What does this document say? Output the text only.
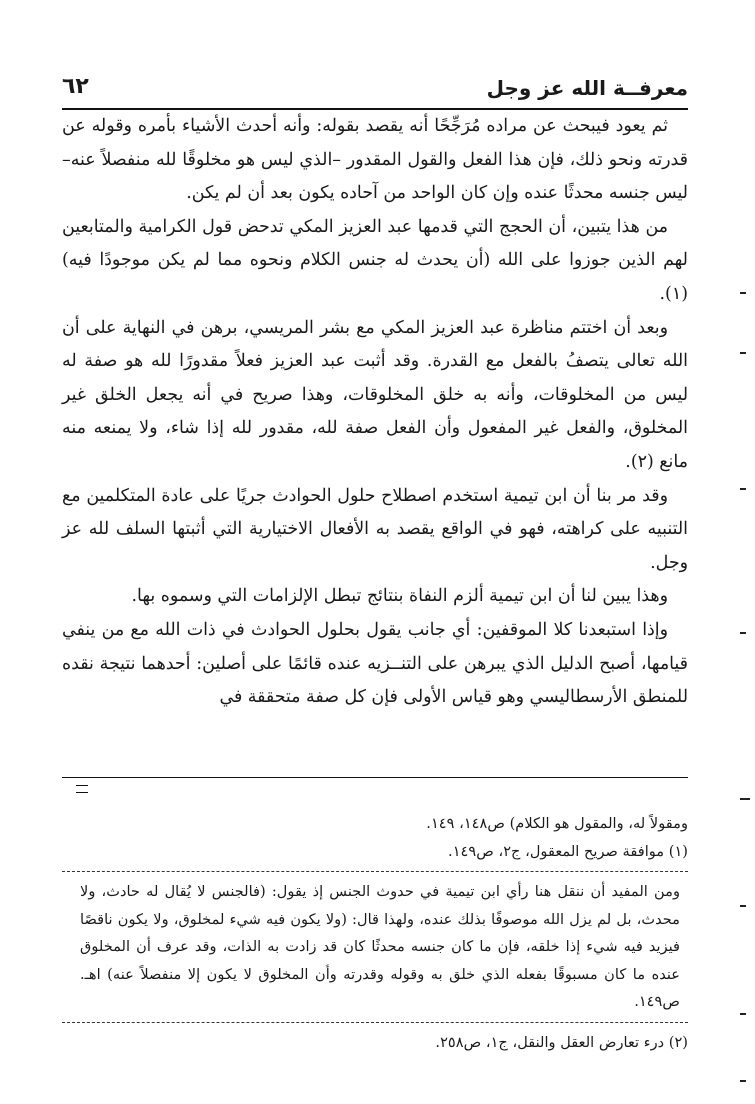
معرفــة الله عز وجل
٦٢

ثم يعود فيبحث عن مراده مُرَجِّحًا أنه يقصد بقوله: وأنه أحدث الأشياء بأمره وقوله عن قدرته ونحو ذلك، فإن هذا الفعل والقول المقدور –الذي ليس هو مخلوقًا لله منفصلاً عنه– ليس جنسه محدثًا عنده وإن كان الواحد من آحاده يكون بعد أن لم يكن.

من هذا يتبين، أن الحجج التي قدمها عبد العزيز المكي تدحض قول الكرامية والمتابعين لهم الذين جوزوا على الله (أن يحدث له جنس الكلام ونحوه مما لم يكن موجودًا فيه) (١).

وبعد أن اختتم مناظرة عبد العزيز المكي مع بشر المريسي، برهن في النهاية على أن الله تعالى يتصفُ بالفعل مع القدرة. وقد أثبت عبد العزيز فعلاً مقدورًا لله هو صفة له ليس من المخلوقات، وأنه به خلق المخلوقات، وهذا صريح في أنه يجعل الخلق غير المخلوق، والفعل غير المفعول وأن الفعل صفة لله، مقدور لله إذا شاء، ولا يمنعه منه مانع (٢).

وقد مر بنا أن ابن تيمية استخدم اصطلاح حلول الحوادث جريًا على عادة المتكلمين مع التنبيه على كراهته، فهو في الواقع يقصد به الأفعال الاختيارية التي أثبتها السلف لله عز وجل.

وهذا يبين لنا أن ابن تيمية ألزم النفاة بنتائج تبطل الإلزامات التي وسموه بها.

وإذا استبعدنا كلا الموقفين: أي جانب يقول بحلول الحوادث في ذات الله مع من ينفي قيامها، أصبح الدليل الذي يبرهن على التنــزيه عنده قائمًا على أصلين: أحدهما نتيجة نقده للمنطق الأرسطاليسي وهو قياس الأولى فإن كل صفة متحققة في

ومقولاً له، والمقول هو الكلام) ص١٤٨، ١٤٩.

(١) موافقة صريح المعقول، ج٢، ص١٤٩.

ومن المفيد أن ننقل هنا رأي ابن تيمية في حدوث الجنس إذ يقول: (فالجنس لا يُقال له حادث، ولا محدث، بل لم يزل الله موصوفًا بذلك عنده، ولهذا قال: (ولا يكون فيه شيء لمخلوق، ولا يكون ناقصًا فيزيد فيه شيء إذا خلقه، فإن ما كان جنسه محدثًا كان قد زادت به الذات، وقد عرف أن المخلوق عنده ما كان مسبوقًا بفعله الذي خلق به وقوله وقدرته وأن المخلوق لا يكون إلا منفصلاً عنه) اهـ. ص١٤٩.

(٢) درء تعارض العقل والنقل، ج١، ص٢٥٨.
